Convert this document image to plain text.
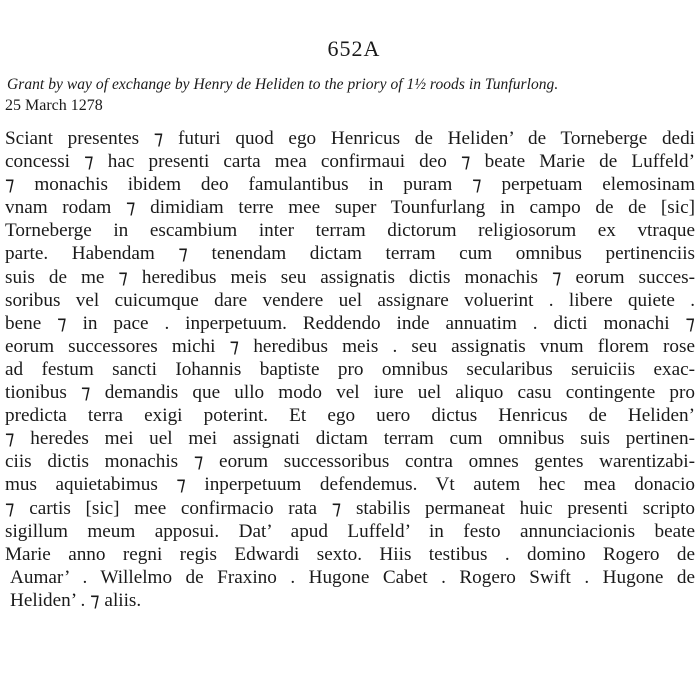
652A
Grant by way of exchange by Henry de Heliden to the priory of 1½ roods in Tunfurlong.
25 March 1278
Sciant presentes ⁊ futuri quod ego Henricus de Heliden’ de Torneberge dedi
concessi ⁊ hac presenti carta mea confirmaui deo ⁊ beate Marie de Luffeld’
⁊ monachis ibidem deo famulantibus in puram ⁊ perpetuam elemosinam
vnam rodam ⁊ dimidiam terre mee super Tounfurlang in campo de de [sic]
Torneberge in escambium inter terram dictorum religiosorum ex vtraque
parte. Habendam ⁊ tenendam dictam terram cum omnibus pertinenciis
suis de me ⁊ heredibus meis seu assignatis dictis monachis ⁊ eorum succes-
soribus vel cuicumque dare vendere uel assignare voluerint . libere quiete .
bene ⁊ in pace . inperpetuum. Reddendo inde annuatim . dicti monachi ⁊
eorum successores michi ⁊ heredibus meis . seu assignatis vnum florem rose
ad festum sancti Iohannis baptiste pro omnibus secularibus seruiciis exac-
tionibus ⁊ demandis que ullo modo vel iure uel aliquo casu contingente pro
predicta terra exigi poterint. Et ego uero dictus Henricus de Heliden’
⁊ heredes mei uel mei assignati dictam terram cum omnibus suis pertinen-
ciis dictis monachis ⁊ eorum successoribus contra omnes gentes warentizabi-
mus aquietabimus ⁊ inperpetuum defendemus. Vt autem hec mea donacio
⁊ cartis [sic] mee confirmacio rata ⁊ stabilis permaneat huic presenti scripto
sigillum meum apposui. Dat’ apud Luffeld’ in festo annunciacionis beate
Marie anno regni regis Edwardi sexto. Hiis testibus . domino Rogero de
Aumar’ . Willelmo de Fraxino . Hugone Cabet . Rogero Swift . Hugone de
Heliden’ . ⁊ aliis.
